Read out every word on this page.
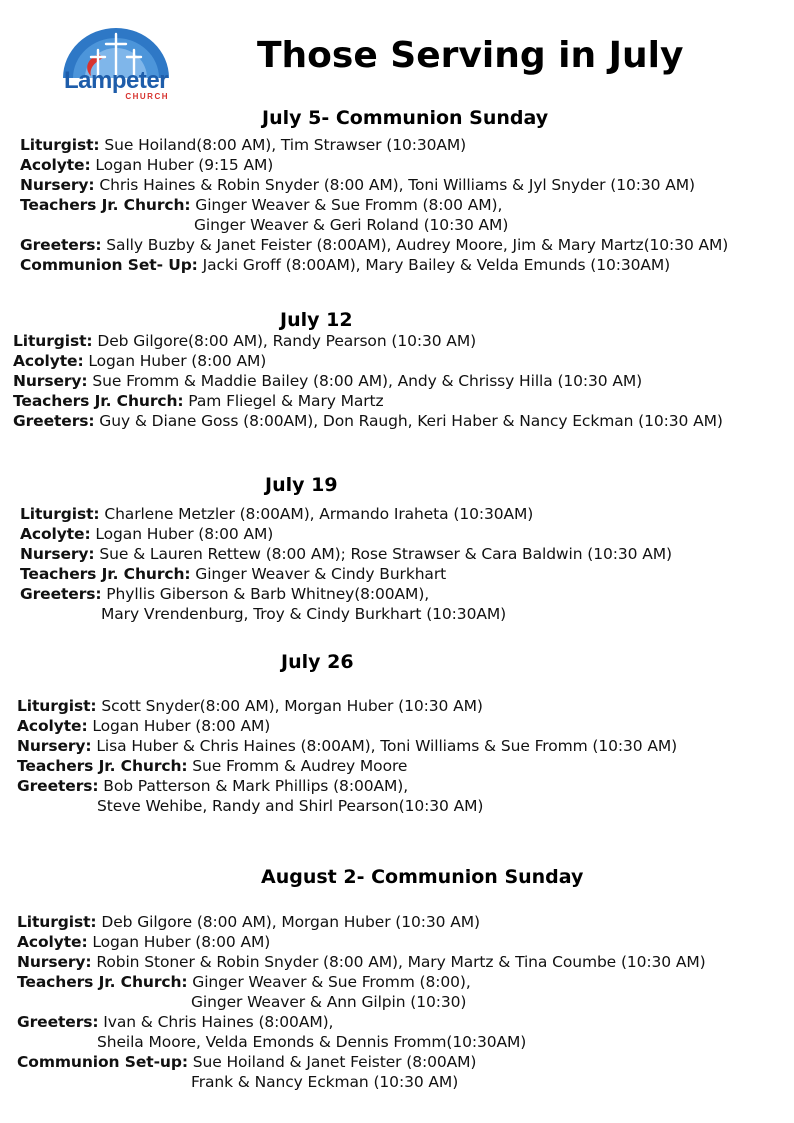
Lampeter
CHURCH
Those Serving in July
July 5- Communion Sunday
Liturgist: Sue Hoiland(8:00 AM), Tim Strawser (10:30AM)
Acolyte: Logan Huber (9:15 AM)
Nursery: Chris Haines & Robin Snyder (8:00 AM), Toni Williams & Jyl Snyder (10:30 AM)
Teachers Jr. Church: Ginger Weaver & Sue Fromm (8:00 AM),
Ginger Weaver & Geri Roland (10:30 AM)
Greeters: Sally Buzby & Janet Feister (8:00AM), Audrey Moore, Jim & Mary Martz(10:30 AM)
Communion Set- Up: Jacki Groff (8:00AM), Mary Bailey & Velda Emunds (10:30AM)
July 12
Liturgist: Deb Gilgore(8:00 AM), Randy Pearson (10:30 AM)
Acolyte: Logan Huber (8:00 AM)
Nursery: Sue Fromm & Maddie Bailey (8:00 AM), Andy & Chrissy Hilla (10:30 AM)
Teachers Jr. Church: Pam Fliegel & Mary Martz
Greeters: Guy & Diane Goss (8:00AM), Don Raugh, Keri Haber & Nancy Eckman (10:30 AM)
July 19
Liturgist: Charlene Metzler (8:00AM), Armando Iraheta (10:30AM)
Acolyte: Logan Huber (8:00 AM)
Nursery: Sue & Lauren Rettew (8:00 AM); Rose Strawser & Cara Baldwin (10:30 AM)
Teachers Jr. Church: Ginger Weaver & Cindy Burkhart
Greeters: Phyllis Giberson & Barb Whitney(8:00AM),
Mary Vrendenburg, Troy & Cindy Burkhart (10:30AM)
July 26
Liturgist: Scott Snyder(8:00 AM), Morgan Huber (10:30 AM)
Acolyte: Logan Huber (8:00 AM)
Nursery: Lisa Huber & Chris Haines (8:00AM), Toni Williams & Sue Fromm (10:30 AM)
Teachers Jr. Church: Sue Fromm & Audrey Moore
Greeters: Bob Patterson & Mark Phillips (8:00AM),
Steve Wehibe, Randy and Shirl Pearson(10:30 AM)
August 2- Communion Sunday
Liturgist: Deb Gilgore (8:00 AM), Morgan Huber (10:30 AM)
Acolyte: Logan Huber (8:00 AM)
Nursery: Robin Stoner & Robin Snyder (8:00 AM), Mary Martz & Tina Coumbe (10:30 AM)
Teachers Jr. Church: Ginger Weaver & Sue Fromm (8:00),
Ginger Weaver & Ann Gilpin (10:30)
Greeters: Ivan & Chris Haines (8:00AM),
Sheila Moore, Velda Emonds & Dennis Fromm(10:30AM)
Communion Set-up: Sue Hoiland & Janet Feister (8:00AM)
Frank & Nancy Eckman (10:30 AM)
